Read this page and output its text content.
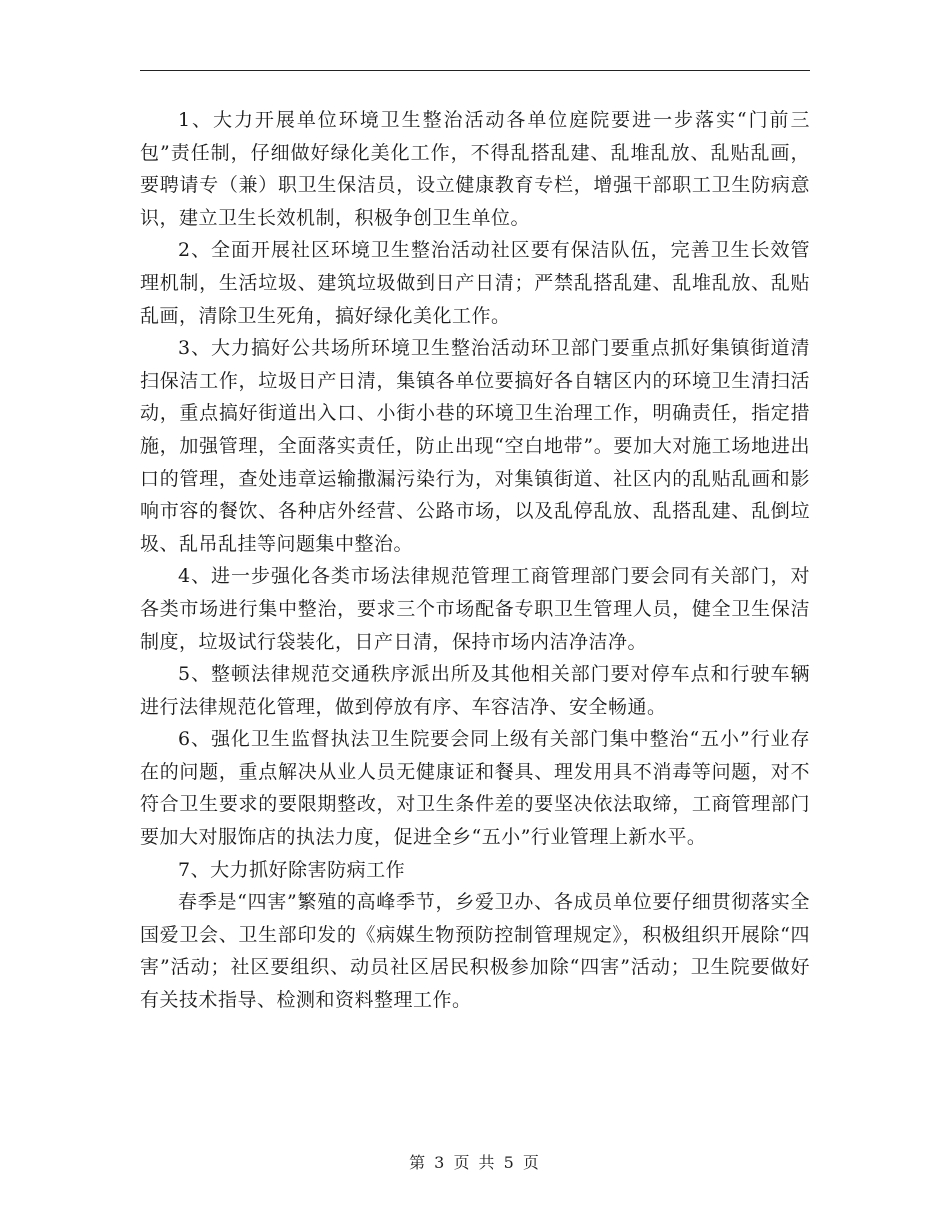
1、大力开展单位环境卫生整治活动各单位庭院要进一步落实“门前三包”责任制，仔细做好绿化美化工作，不得乱搭乱建、乱堆乱放、乱贴乱画，要聘请专（兼）职卫生保洁员，设立健康教育专栏，增强干部职工卫生防病意识，建立卫生长效机制，积极争创卫生单位。

2、全面开展社区环境卫生整治活动社区要有保洁队伍，完善卫生长效管理机制，生活垃圾、建筑垃圾做到日产日清；严禁乱搭乱建、乱堆乱放、乱贴乱画，清除卫生死角，搞好绿化美化工作。

3、大力搞好公共场所环境卫生整治活动环卫部门要重点抓好集镇街道清扫保洁工作，垃圾日产日清，集镇各单位要搞好各自辖区内的环境卫生清扫活动，重点搞好街道出入口、小街小巷的环境卫生治理工作，明确责任，指定措施，加强管理，全面落实责任，防止出现“空白地带”。要加大对施工场地进出口的管理，查处违章运输撒漏污染行为，对集镇街道、社区内的乱贴乱画和影响市容的餐饮、各种店外经营、公路市场，以及乱停乱放、乱搭乱建、乱倒垃圾、乱吊乱挂等问题集中整治。

4、进一步强化各类市场法律规范管理工商管理部门要会同有关部门，对各类市场进行集中整治，要求三个市场配备专职卫生管理人员，健全卫生保洁制度，垃圾试行袋装化，日产日清，保持市场内洁净洁净。

5、整顿法律规范交通秩序派出所及其他相关部门要对停车点和行驶车辆进行法律规范化管理，做到停放有序、车容洁净、安全畅通。

6、强化卫生监督执法卫生院要会同上级有关部门集中整治“五小”行业存在的问题，重点解决从业人员无健康证和餐具、理发用具不消毒等问题，对不符合卫生要求的要限期整改，对卫生条件差的要坚决依法取缔，工商管理部门要加大对服饰店的执法力度，促进全乡“五小”行业管理上新水平。

7、大力抓好除害防病工作

春季是“四害”繁殖的高峰季节，乡爱卫办、各成员单位要仔细贯彻落实全国爱卫会、卫生部印发的《病媒生物预防控制管理规定》，积极组织开展除“四害”活动；社区要组织、动员社区居民积极参加除“四害”活动；卫生院要做好有关技术指导、检测和资料整理工作。

第 3 页 共 5 页
